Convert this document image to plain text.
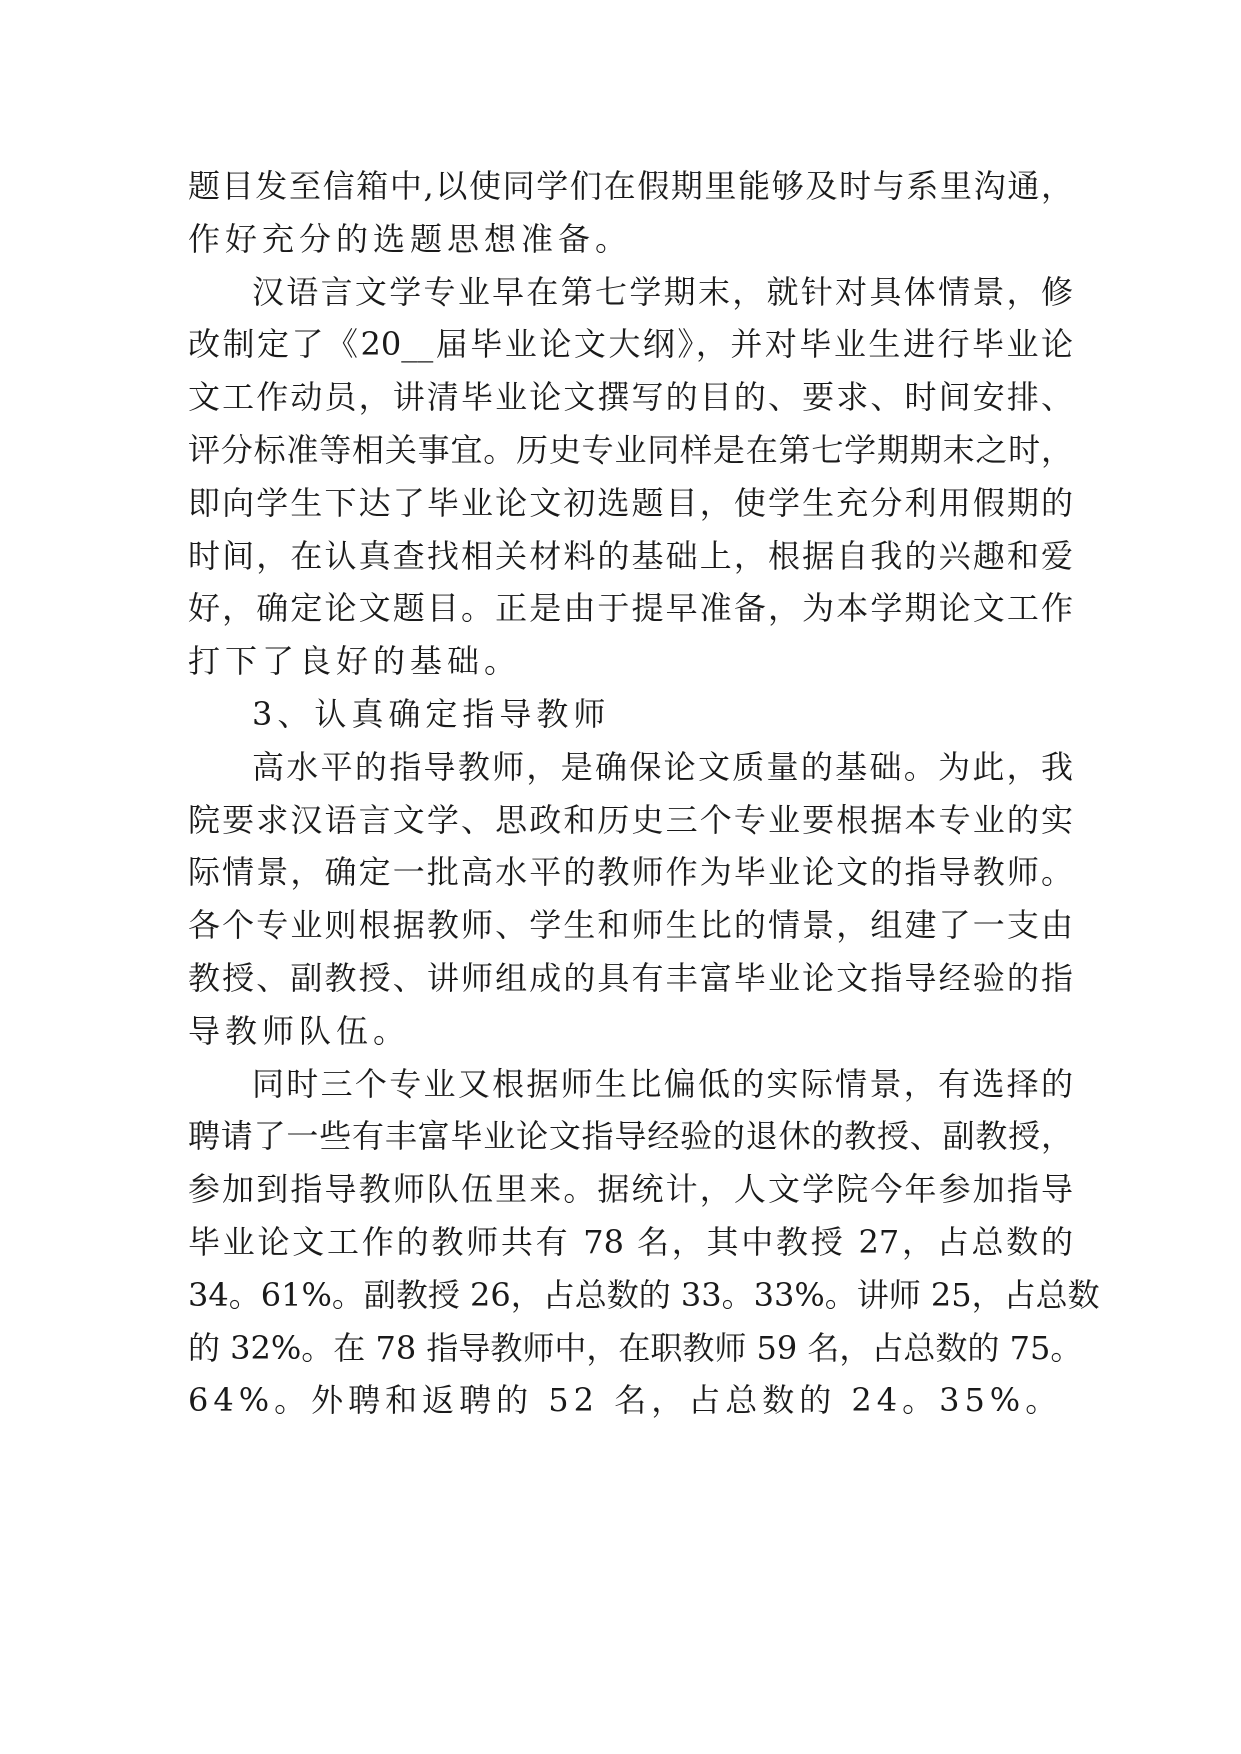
题目发至信箱中,以使同学们在假期里能够及时与系里沟通，
作好充分的选题思想准备。
汉语言文学专业早在第七学期末，就针对具体情景，修
改制定了《20__届毕业论文大纲》，并对毕业生进行毕业论
文工作动员，讲清毕业论文撰写的目的、要求、时间安排、
评分标准等相关事宜。历史专业同样是在第七学期期末之时，
即向学生下达了毕业论文初选题目，使学生充分利用假期的
时间，在认真查找相关材料的基础上，根据自我的兴趣和爱
好，确定论文题目。正是由于提早准备，为本学期论文工作
打下了良好的基础。
3、认真确定指导教师
高水平的指导教师，是确保论文质量的基础。为此，我
院要求汉语言文学、思政和历史三个专业要根据本专业的实
际情景，确定一批高水平的教师作为毕业论文的指导教师。
各个专业则根据教师、学生和师生比的情景，组建了一支由
教授、副教授、讲师组成的具有丰富毕业论文指导经验的指
导教师队伍。
同时三个专业又根据师生比偏低的实际情景，有选择的
聘请了一些有丰富毕业论文指导经验的退休的教授、副教授，
参加到指导教师队伍里来。据统计，人文学院今年参加指导
毕业论文工作的教师共有 78 名，其中教授 27，占总数的
34。61%。副教授 26，占总数的 33。33%。讲师 25，占总数
的 32%。在 78 指导教师中，在职教师 59 名，占总数的 75。
64%。外聘和返聘的 52 名，占总数的 24。35%。
